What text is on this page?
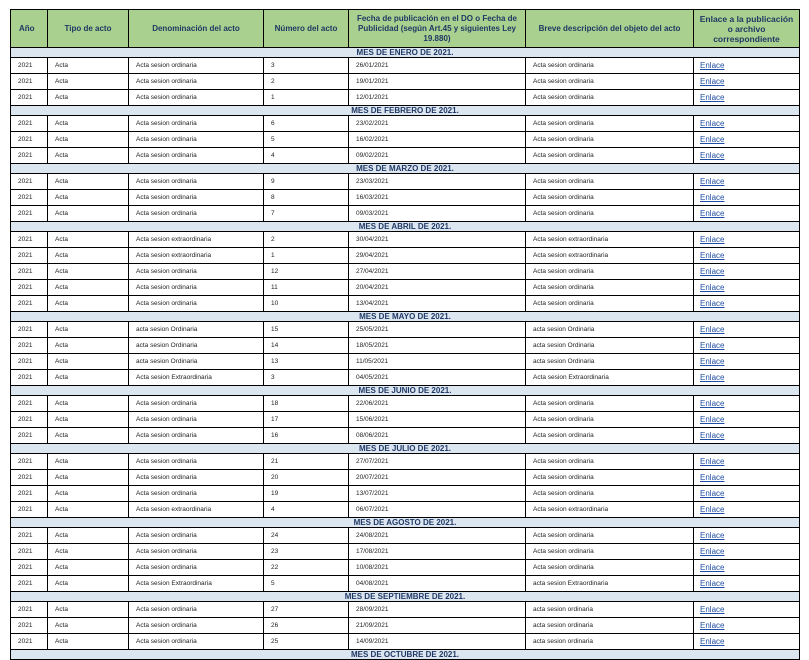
Año	Tipo de acto	Denominación del acto	Número del acto	Fecha de publicación en el DO o Fecha de Publicidad (según Art.45 y siguientes Ley 19.880)	Breve descripción del objeto del acto	Enlace a la publicación o archivo correspondiente
MES DE ENERO DE 2021.						
2021	Acta	Acta sesion ordinaria	3	26/01/2021	Acta sesion ordinaria	Enlace
2021	Acta	Acta sesion ordinaria	2	19/01/2021	Acta sesion ordinaria	Enlace
2021	Acta	Acta sesion ordinaria	1	12/01/2021	Acta sesion ordinaria	Enlace
MES DE FEBRERO DE 2021.						
2021	Acta	Acta sesion ordinaria	6	23/02/2021	Acta sesion ordinaria	Enlace
2021	Acta	Acta sesion ordinaria	5	16/02/2021	Acta sesion ordinaria	Enlace
2021	Acta	Acta sesion ordinaria	4	09/02/2021	Acta sesion ordinaria	Enlace
MES DE MARZO DE 2021.						
2021	Acta	Acta sesion ordinaria	9	23/03/2021	Acta sesion ordinaria	Enlace
2021	Acta	Acta sesion ordinaria	8	16/03/2021	Acta sesion ordinaria	Enlace
2021	Acta	Acta sesion ordinaria	7	09/03/2021	Acta sesion ordinaria	Enlace
MES DE ABRIL DE 2021.						
2021	Acta	Acta sesion extraordinaria	2	30/04/2021	Acta sesion extraordinaria	Enlace
2021	Acta	Acta sesion extraordinaria	1	29/04/2021	Acta sesion extraordinaria	Enlace
2021	Acta	Acta sesion ordinaria	12	27/04/2021	Acta sesion ordinaria	Enlace
2021	Acta	Acta sesion ordinaria	11	20/04/2021	Acta sesion ordinaria	Enlace
2021	Acta	Acta sesion ordinaria	10	13/04/2021	Acta sesion ordinaria	Enlace
MES DE MAYO DE 2021.						
2021	Acta	acta sesion Ordinaria	15	25/05/2021	acta sesion Ordinaria	Enlace
2021	Acta	acta sesion Ordinaria	14	18/05/2021	acta sesion Ordinaria	Enlace
2021	Acta	acta sesion Ordinaria	13	11/05/2021	acta sesion Ordinaria	Enlace
2021	Acta	Acta sesion Extraordinaria	3	04/05/2021	Acta sesion Extraordinaria	Enlace
MES DE JUNIO DE 2021.						
2021	Acta	Acta sesion ordinaria	18	22/06/2021	Acta sesion ordinaria	Enlace
2021	Acta	Acta sesion ordinaria	17	15/06/2021	Acta sesion ordinaria	Enlace
2021	Acta	Acta sesion ordinaria	16	08/06/2021	Acta sesion ordinaria	Enlace
MES DE JULIO DE 2021.						
2021	Acta	Acta sesion ordinaria	21	27/07/2021	Acta sesion ordinaria	Enlace
2021	Acta	Acta sesion ordinaria	20	20/07/2021	Acta sesion ordinaria	Enlace
2021	Acta	Acta sesion ordinaria	19	13/07/2021	Acta sesion ordinaria	Enlace
2021	Acta	Acta sesion extraordinaria	4	06/07/2021	Acta sesion extraordinaria	Enlace
MES DE AGOSTO DE 2021.						
2021	Acta	Acta sesion ordinaria	24	24/08/2021	Acta sesion ordinaria	Enlace
2021	Acta	Acta sesion ordinaria	23	17/08/2021	Acta sesion ordinaria	Enlace
2021	Acta	Acta sesion ordinaria	22	10/08/2021	Acta sesion ordinaria	Enlace
2021	Acta	Acta sesion Extraordinaria	5	04/08/2021	acta sesion Extraordinaria	Enlace
MES DE SEPTIEMBRE DE 2021.						
2021	Acta	Acta sesion ordinaria	27	28/09/2021	acta sesion ordinaria	Enlace
2021	Acta	Acta sesion ordinaria	26	21/09/2021	acta sesion ordinaria	Enlace
2021	Acta	Acta sesion ordinaria	25	14/09/2021	acta sesion ordinaria	Enlace
MES DE OCTUBRE DE 2021.						
